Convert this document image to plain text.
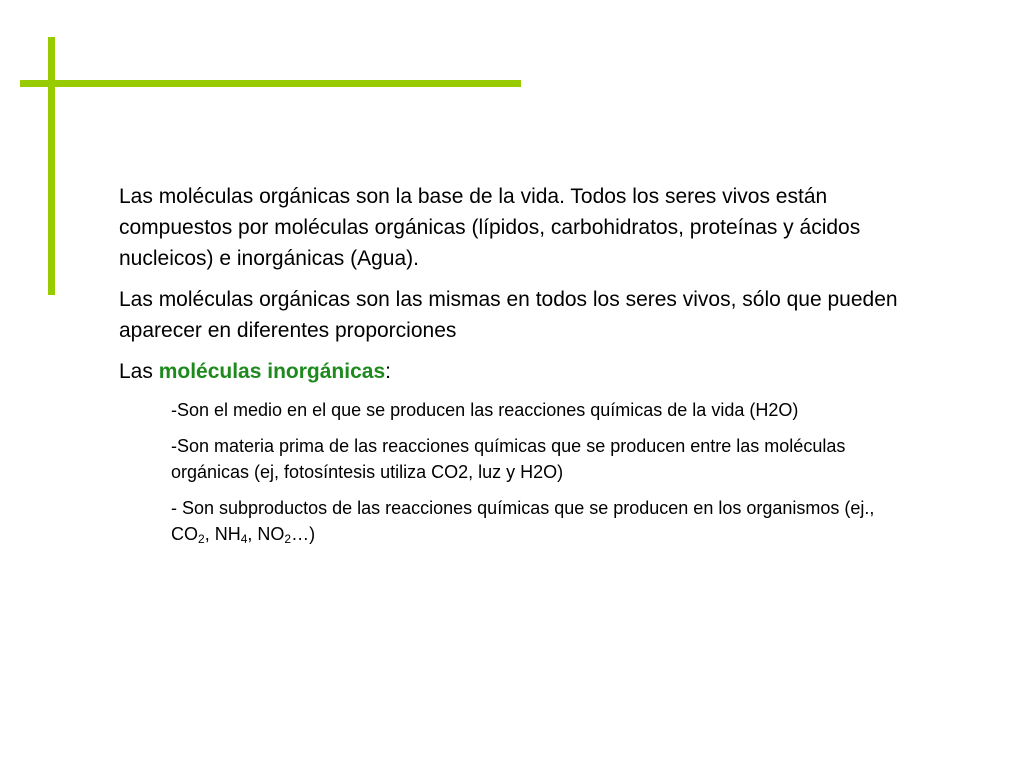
Las moléculas orgánicas son la base de la vida. Todos los seres vivos están compuestos por moléculas orgánicas (lípidos, carbohidratos, proteínas y ácidos nucleicos) e inorgánicas (Agua).

Las moléculas orgánicas son las mismas en todos los seres vivos, sólo que pueden aparecer en diferentes proporciones

Las moléculas inorgánicas:

-Son el medio en el que se producen las reacciones químicas de la vida (H2O)

-Son materia prima de las reacciones químicas que se producen entre las moléculas orgánicas (ej, fotosíntesis utiliza CO2, luz y H2O)

- Son subproductos de las reacciones químicas que se producen en los organismos (ej., $CO_2$, $NH_4$, $NO_2\dots$)
